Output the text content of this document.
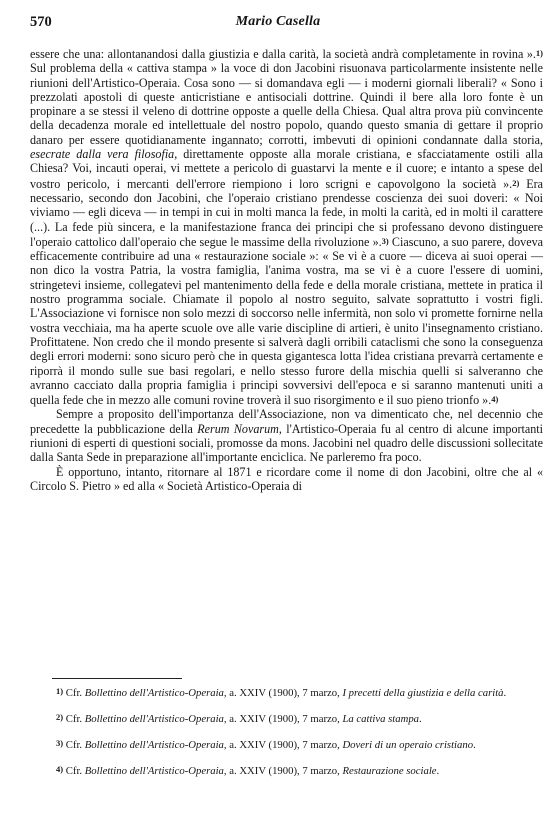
570	Mario Casella

essere che una: allontanandosi dalla giustizia e dalla carità, la società andrà completamente in rovina ».$^{1)}$ Sul problema della « cattiva stampa » la voce di don Jacobini risuonava particolarmente insistente nelle riunioni dell'Artistico-Operaia. Cosa sono — si domandava egli — i moderni giornali liberali? « Sono i prezzolati apostoli di queste anticristiane e antisociali dottrine. Quindi il bere alla loro fonte è un propinare a se stessi il veleno di dottrine opposte a quelle della Chiesa. Qual altra prova più convincente della decadenza morale ed intellettuale del nostro popolo, quando questo smania di gettare il proprio danaro per essere quotidianamente ingannato; corrotti, imbevuti di opinioni condannate dalla storia, esecrate dalla vera filosofia, direttamente opposte alla morale cristiana, e sfacciatamente ostili alla Chiesa? Voi, incauti operai, vi mettete a pericolo di guastarvi la mente e il cuore; e intanto a spese del vostro pericolo, i mercanti dell'errore riempiono i loro scrigni e capovolgono la società ».$^{2)}$ Era necessario, secondo don Jacobini, che l'operaio cristiano prendesse coscienza dei suoi doveri: « Noi viviamo — egli diceva — in tempi in cui in molti manca la fede, in molti la carità, ed in molti il carattere (...). La fede più sincera, e la manifestazione franca dei principi che si professano devono distinguere l'operaio cattolico dall'operaio che segue le massime della rivoluzione ».$^{3)}$ Ciascuno, a suo parere, doveva efficacemente contribuire ad una « restaurazione sociale »: « Se vi è a cuore — diceva ai suoi operai — non dico la vostra Patria, la vostra famiglia, l'anima vostra, ma se vi è a cuore l'essere di uomini, stringetevi insieme, collegatevi pel mantenimento della fede e della morale cristiana, mettete in pratica il nostro programma sociale. Chiamate il popolo al nostro seguito, salvate soprattutto i vostri figli. L'Associazione vi fornisce non solo mezzi di soccorso nelle infermità, non solo vi promette fornirne nella vostra vecchiaia, ma ha aperte scuole ove alle varie discipline di artieri, è unito l'insegnamento cristiano. Profittatene. Non credo che il mondo presente si salverà dagli orribili cataclismi che sono la conseguenza degli errori moderni: sono sicuro però che in questa gigantesca lotta l'idea cristiana prevarrà certamente e riporrà il mondo sulle sue basi regolari, e nello stesso furore della mischia quelli si salveranno che avranno cacciato dalla propria famiglia i principi sovversivi dell'epoca e si saranno mantenuti uniti a quella fede che in mezzo alle comuni rovine troverà il suo risorgimento e il suo pieno trionfo ».$^{4)}$

Sempre a proposito dell'importanza dell'Associazione, non va dimenticato che, nel decennio che precedette la pubblicazione della Rerum Novarum, l'Artistico-Operaia fu al centro di alcune importanti riunioni di esperti di questioni sociali, promosse da mons. Jacobini nel quadro delle discussioni sollecitate dalla Santa Sede in preparazione all'importante enciclica. Ne parleremo fra poco.

È opportuno, intanto, ritornare al 1871 e ricordare come il nome di don Jacobini, oltre che al « Circolo S. Pietro » ed alla « Società Artistico-Operaia di

1) Cfr. Bollettino dell'Artistico-Operaia, a. XXIV (1900), 7 marzo, I precetti della giustizia e della carità.

2) Cfr. Bollettino dell'Artistico-Operaia, a. XXIV (1900), 7 marzo, La cattiva stampa.

3) Cfr. Bollettino dell'Artistico-Operaia, a. XXIV (1900), 7 marzo, Doveri di un operaio cristiano.

4) Cfr. Bollettino dell'Artistico-Operaia, a. XXIV (1900), 7 marzo, Restaurazione sociale.
